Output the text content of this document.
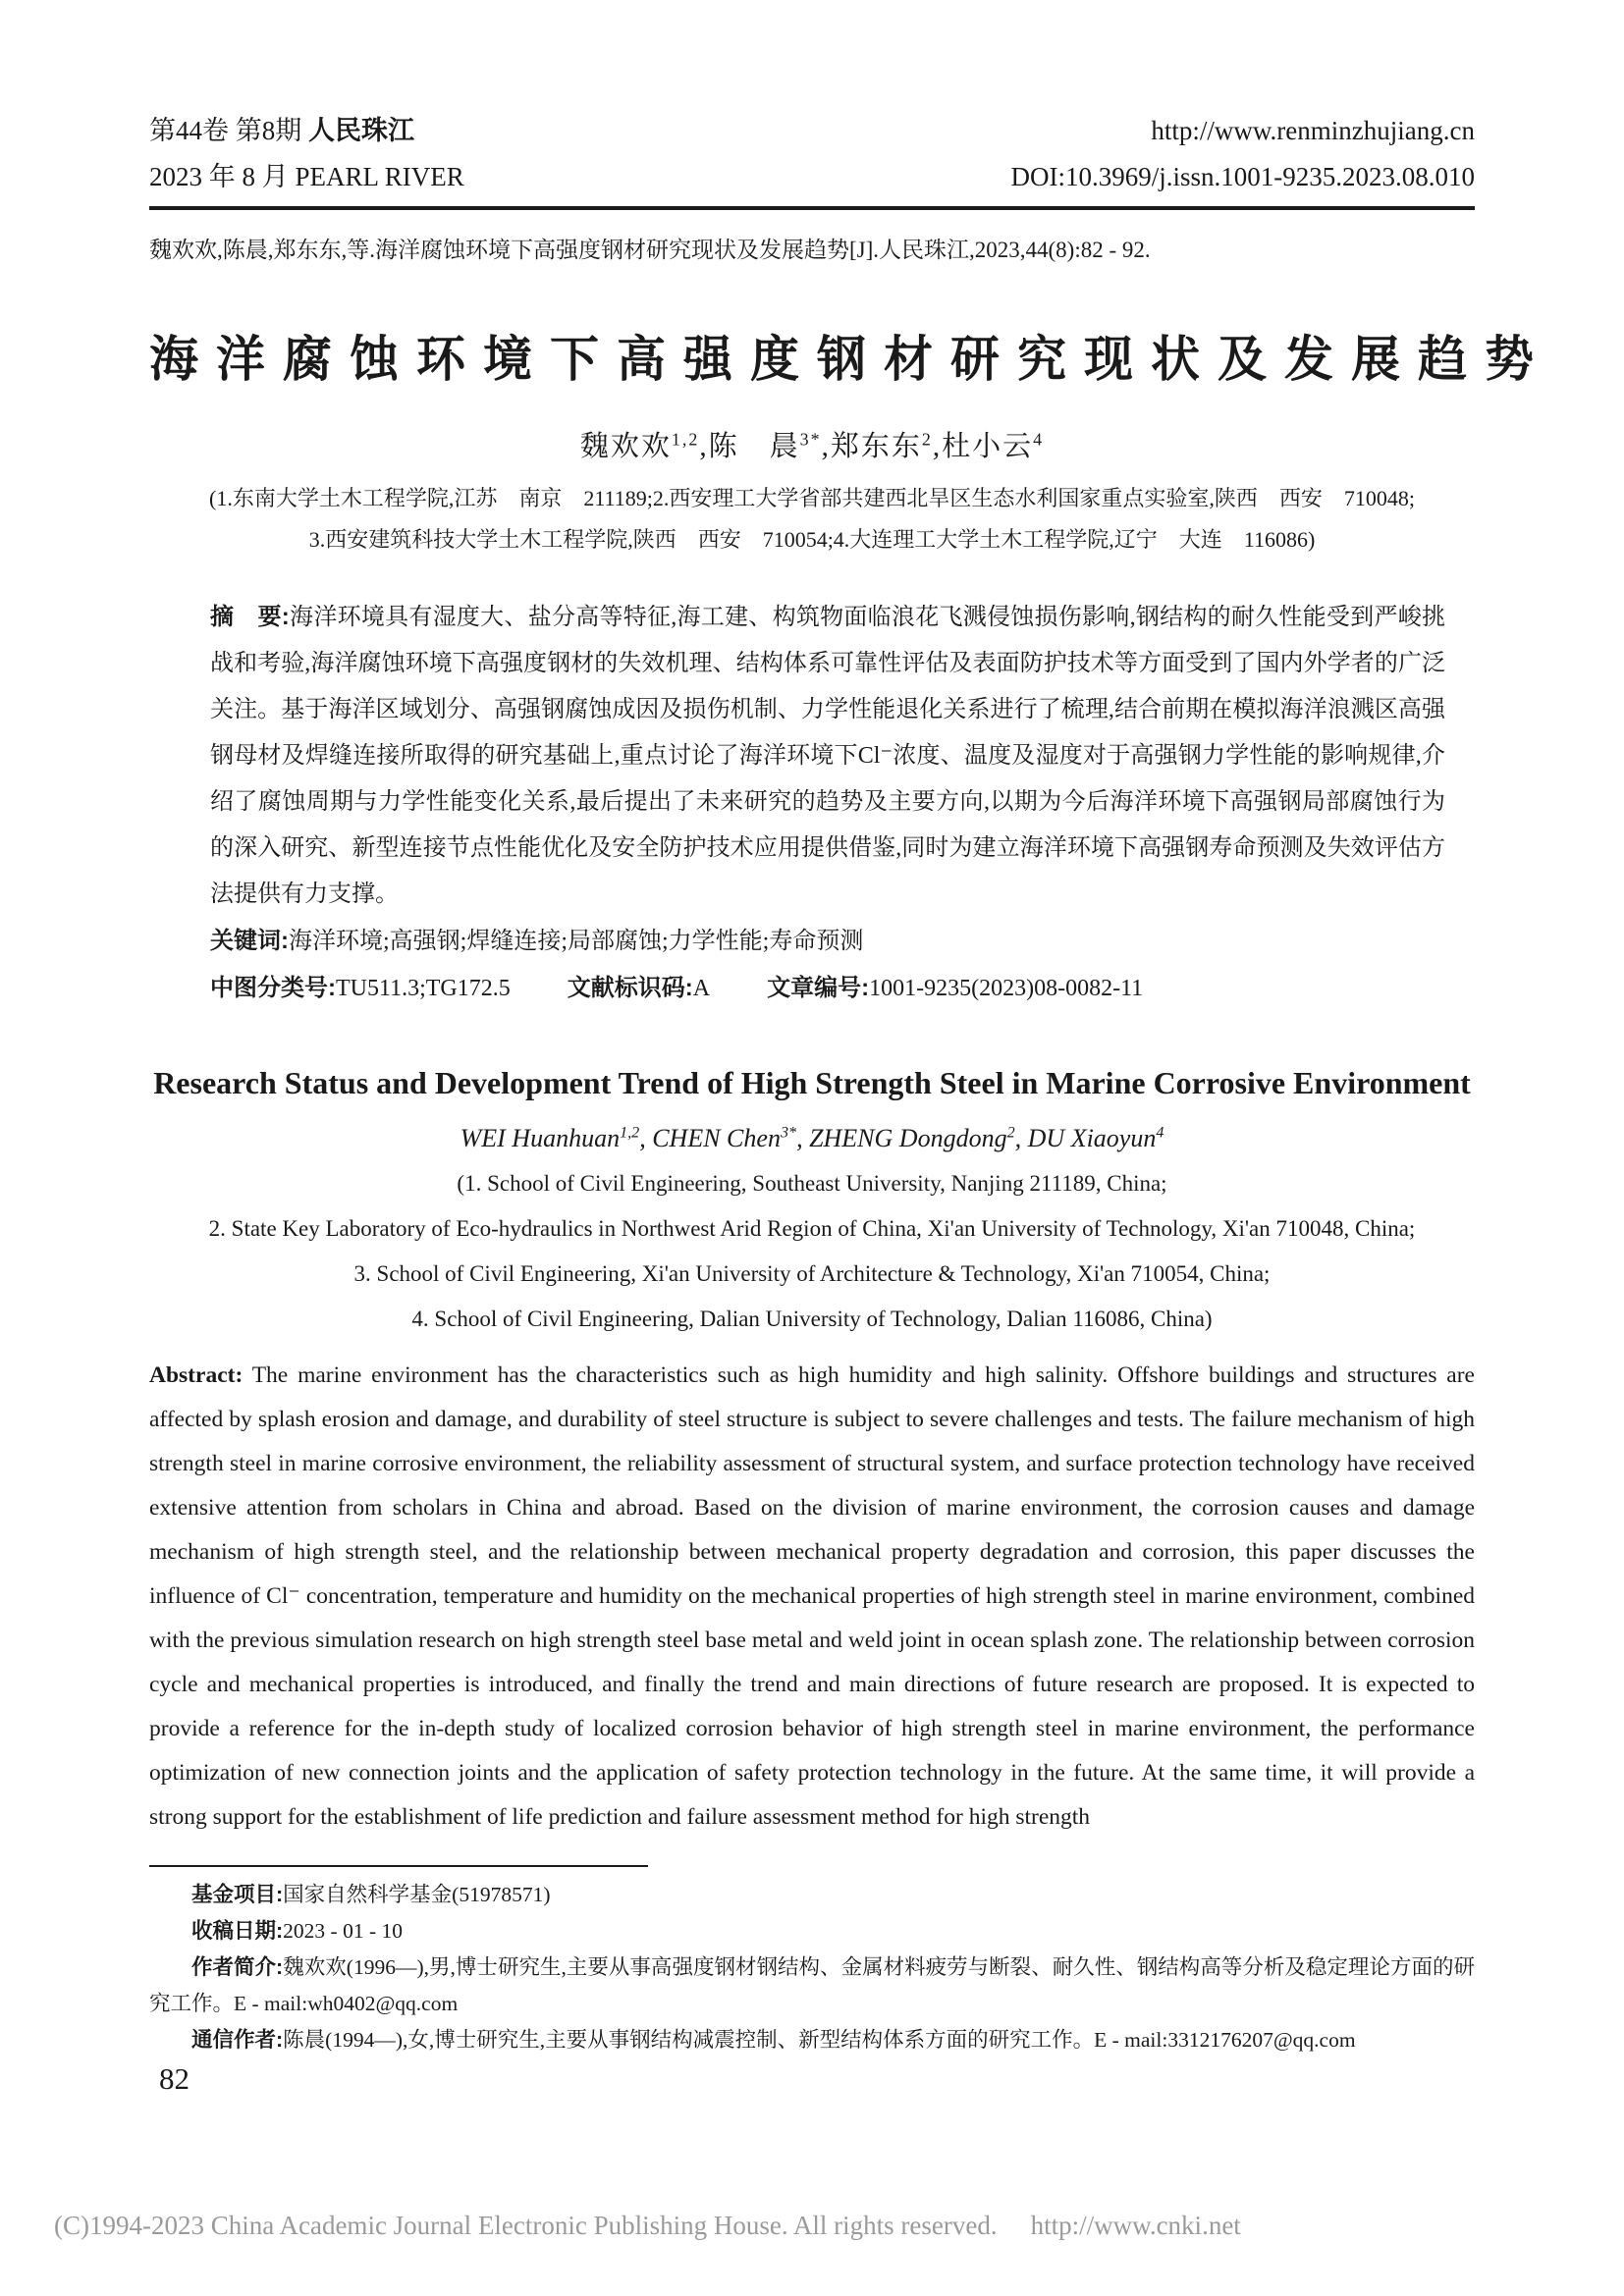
第44卷 第8期 人民珠江
2023 年 8 月 PEARL RIVER
http://www.renminzhujiang.cn
DOI:10.3969/j.issn.1001-9235.2023.08.010
魏欢欢,陈晨,郑东东,等.海洋腐蚀环境下高强度钢材研究现状及发展趋势[J].人民珠江,2023,44(8):82 - 92.
海洋腐蚀环境下高强度钢材研究现状及发展趋势
魏欢欢$^{1,2}$,陈　晨$^{3*}$,郑东东$^2$,杜小云$^4$
(1.东南大学土木工程学院,江苏　南京　211189;2.西安理工大学省部共建西北旱区生态水利国家重点实验室,陕西　西安　710048;
3.西安建筑科技大学土木工程学院,陕西　西安　710054;4.大连理工大学土木工程学院,辽宁　大连　116086)

摘　要:海洋环境具有湿度大、盐分高等特征,海工建、构筑物面临浪花飞溅侵蚀损伤影响,钢结构的耐久性能受到严峻挑战和考验,海洋腐蚀环境下高强度钢材的失效机理、结构体系可靠性评估及表面防护技术等方面受到了国内外学者的广泛关注。基于海洋区域划分、高强钢腐蚀成因及损伤机制、力学性能退化关系进行了梳理,结合前期在模拟海洋浪溅区高强钢母材及焊缝连接所取得的研究基础上,重点讨论了海洋环境下Cl⁻浓度、温度及湿度对于高强钢力学性能的影响规律,介绍了腐蚀周期与力学性能变化关系,最后提出了未来研究的趋势及主要方向,以期为今后海洋环境下高强钢局部腐蚀行为的深入研究、新型连接节点性能优化及安全防护技术应用提供借鉴,同时为建立海洋环境下高强钢寿命预测及失效评估方法提供有力支撑。

关键词:海洋环境;高强钢;焊缝连接;局部腐蚀;力学性能;寿命预测

中图分类号:TU511.3;TG172.5 文献标识码:A 文章编号:1001-9235(2023)08-0082-11

Research Status and Development Trend of High Strength Steel in Marine Corrosive Environment
WEI Huanhuan$^{1,2}$, CHEN Chen$^{3*}$, ZHENG Dongdong$^2$, DU Xiaoyun$^4$
(1. School of Civil Engineering, Southeast University, Nanjing 211189, China;
2. State Key Laboratory of Eco-hydraulics in Northwest Arid Region of China, Xi'an University of Technology, Xi'an 710048, China;
3. School of Civil Engineering, Xi'an University of Architecture & Technology, Xi'an 710054, China;
4. School of Civil Engineering, Dalian University of Technology, Dalian 116086, China)
Abstract: The marine environment has the characteristics such as high humidity and high salinity. Offshore buildings and structures are affected by splash erosion and damage, and durability of steel structure is subject to severe challenges and tests. The failure mechanism of high strength steel in marine corrosive environment, the reliability assessment of structural system, and surface protection technology have received extensive attention from scholars in China and abroad. Based on the division of marine environment, the corrosion causes and damage mechanism of high strength steel, and the relationship between mechanical property degradation and corrosion, this paper discusses the influence of Cl⁻ concentration, temperature and humidity on the mechanical properties of high strength steel in marine environment, combined with the previous simulation research on high strength steel base metal and weld joint in ocean splash zone. The relationship between corrosion cycle and mechanical properties is introduced, and finally the trend and main directions of future research are proposed. It is expected to provide a reference for the in-depth study of localized corrosion behavior of high strength steel in marine environment, the performance optimization of new connection joints and the application of safety protection technology in the future. At the same time, it will provide a strong support for the establishment of life prediction and failure assessment method for high strength

基金项目:国家自然科学基金(51978571)

收稿日期:2023 - 01 - 10

作者简介:魏欢欢(1996—),男,博士研究生,主要从事高强度钢材钢结构、金属材料疲劳与断裂、耐久性、钢结构高等分析及稳定理论方面的研究工作。E - mail:wh0402@qq.com

通信作者:陈晨(1994—),女,博士研究生,主要从事钢结构减震控制、新型结构体系方面的研究工作。E - mail:3312176207@qq.com

82
(C)1994-2023 China Academic Journal Electronic Publishing House. All rights reserved. http://www.cnki.net
